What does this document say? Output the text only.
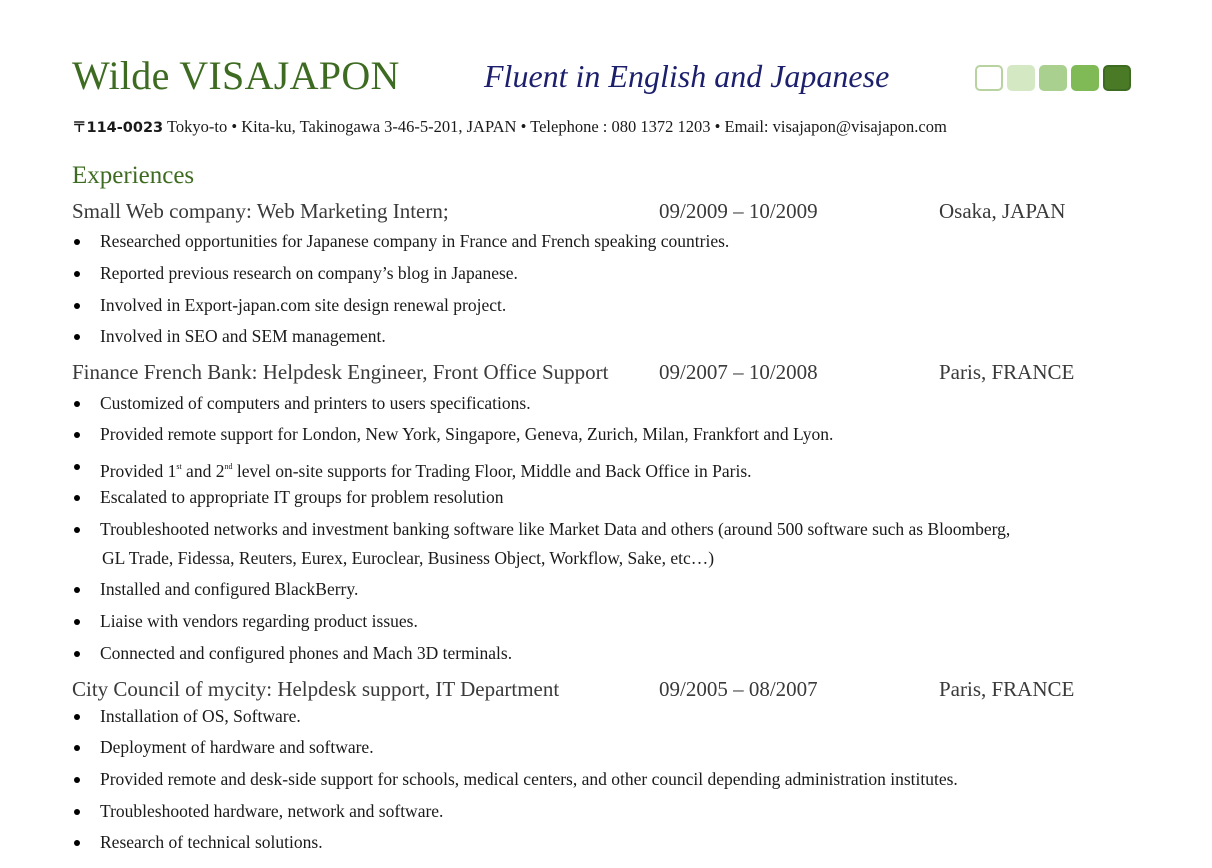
Wilde VISAJAPON	Fluent in English and Japanese
〒114-0023 Tokyo-to • Kita-ku, Takinogawa 3-46-5-201, JAPAN • Telephone : 080 1372 1203 • Email: visajapon@visajapon.com
Experiences
Small Web company: Web Marketing Intern;	09/2009 – 10/2009	Osaka, JAPAN
Researched opportunities for Japanese company in France and French speaking countries.
Reported previous research on company’s blog in Japanese.
Involved in Export-japan.com site design renewal project.
Involved in SEO and SEM management.
Finance French Bank: Helpdesk Engineer, Front Office Support 09/2007 – 10/2008	Paris, FRANCE
Customized of computers and printers to users specifications.
Provided remote support for London, New York, Singapore, Geneva, Zurich, Milan, Frankfort and Lyon.
Provided 1st and 2nd level on-site supports for Trading Floor, Middle and Back Office in Paris.
Escalated to appropriate IT groups for problem resolution
Troubleshooted networks and investment banking software like Market Data and others (around 500 software such as Bloomberg,
GL Trade, Fidessa, Reuters, Eurex, Euroclear, Business Object, Workflow, Sake, etc…)
Installed and configured BlackBerry.
Liaise with vendors regarding product issues.
Connected and configured phones and Mach 3D terminals.
City Council of mycity: Helpdesk support, IT Department	09/2005 – 08/2007	Paris, FRANCE
Installation of OS, Software.
Deployment of hardware and software.
Provided remote and desk-side support for schools, medical centers, and other council depending administration institutes.
Troubleshooted hardware, network and software.
Research of technical solutions.
